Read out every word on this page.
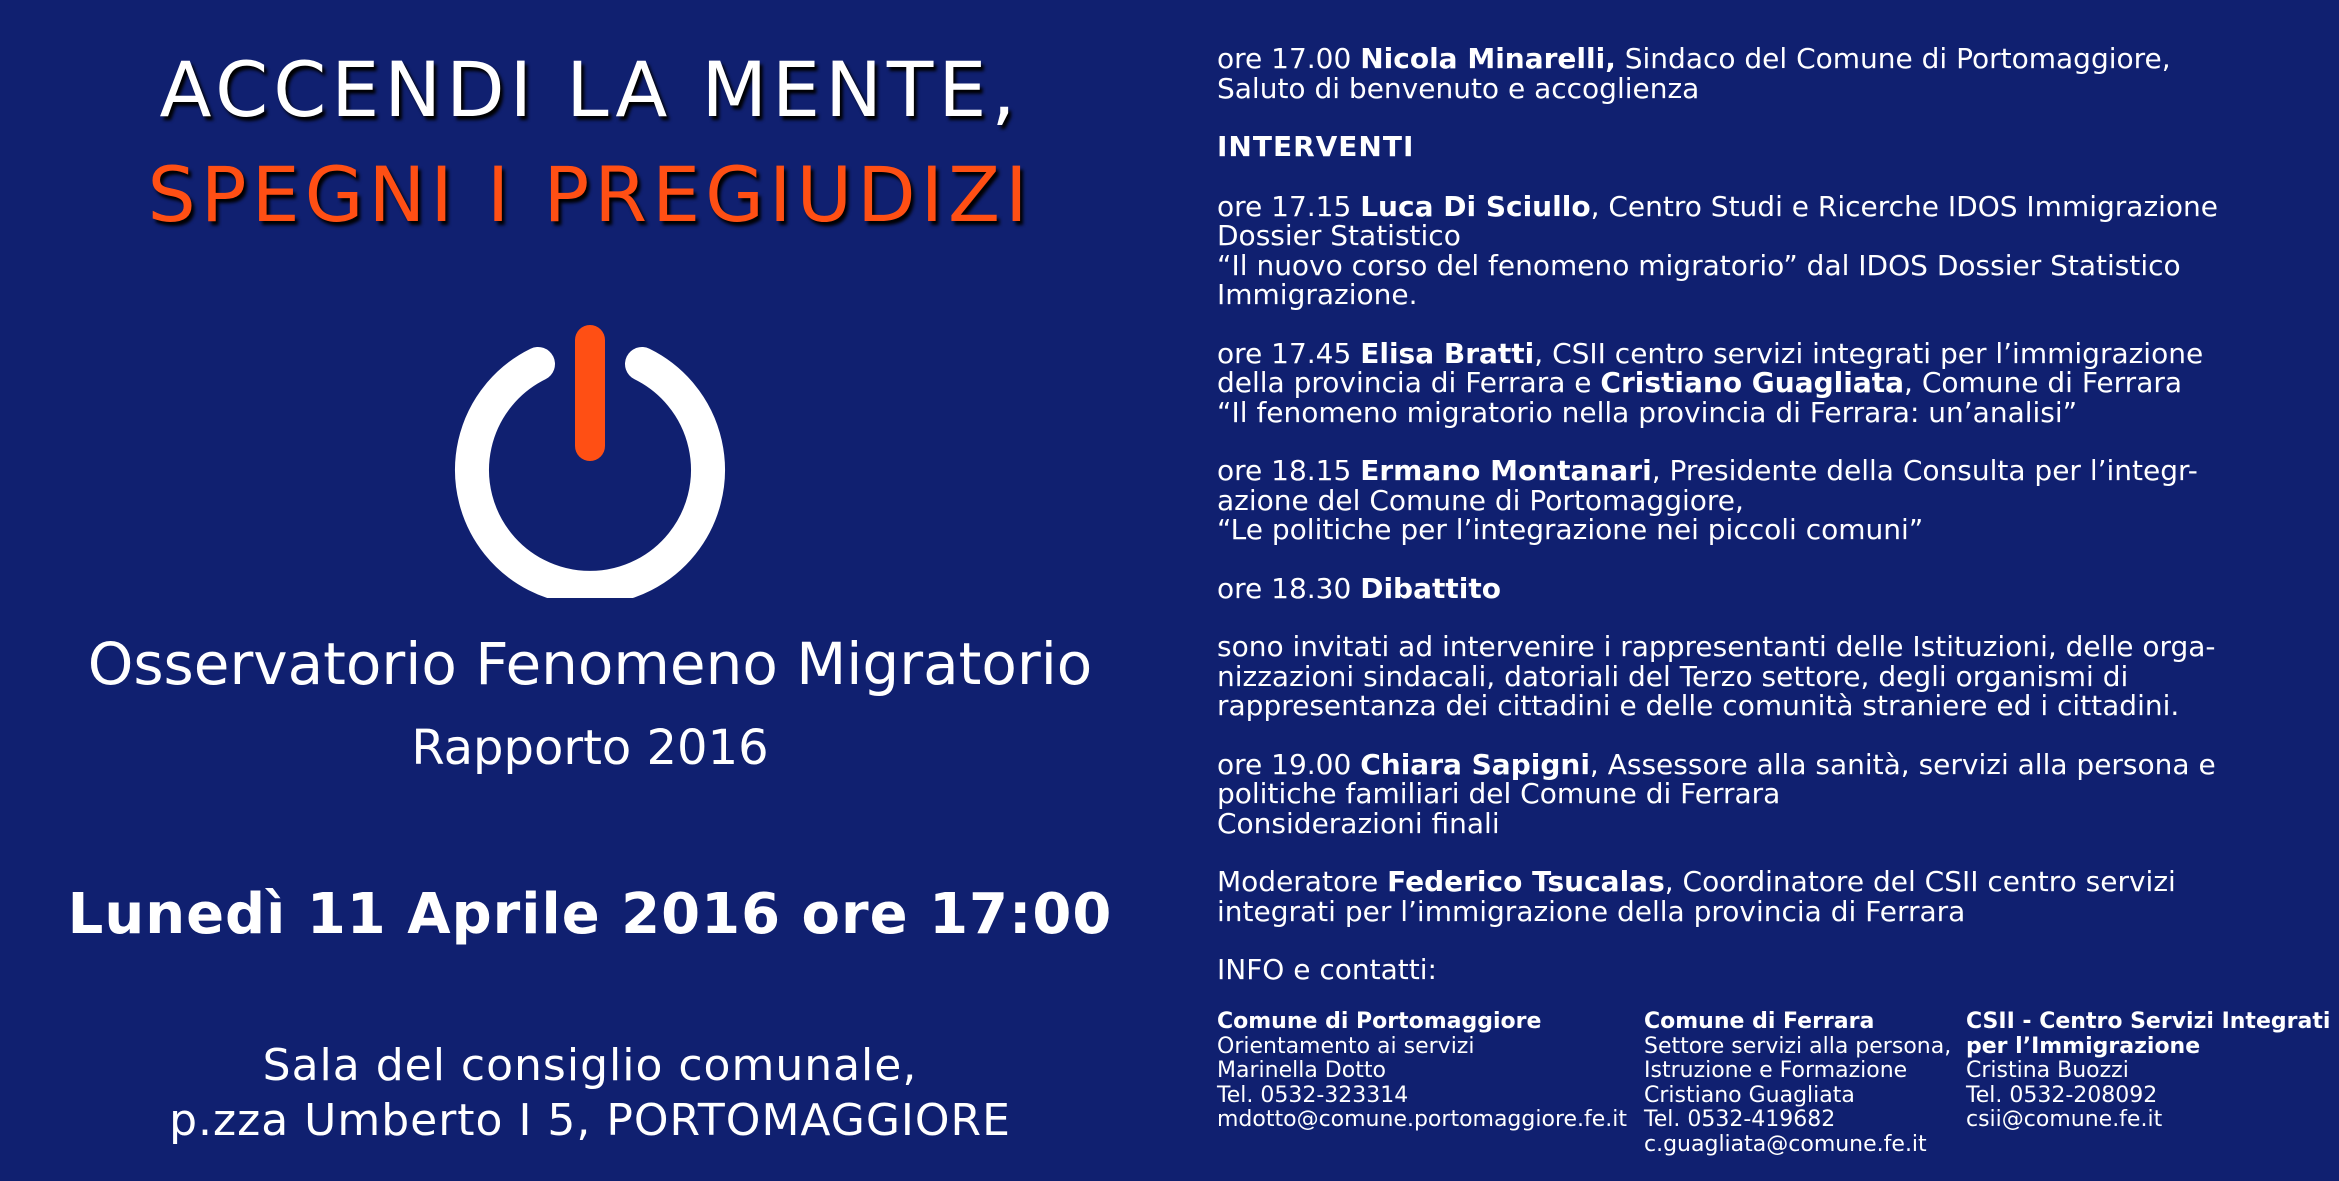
ACCENDI LA MENTE,
SPEGNI I PREGIUDIZI
Osservatorio Fenomeno Migratorio
Rapporto 2016
Lunedì 11 Aprile 2016 ore 17:00
Sala del consiglio comunale,
p.zza Umberto I 5, PORTOMAGGIORE
ore 17.00 Nicola Minarelli, Sindaco del Comune di Portomaggiore,
Saluto di benvenuto e accoglienza
INTERVENTI
ore 17.15 Luca Di Sciullo, Centro Studi e Ricerche IDOS Immigrazione
Dossier Statistico
“Il nuovo corso del fenomeno migratorio” dal IDOS Dossier Statistico
Immigrazione.
ore 17.45 Elisa Bratti, CSII centro servizi integrati per l’immigrazione
della provincia di Ferrara e Cristiano Guagliata, Comune di Ferrara
“Il fenomeno migratorio nella provincia di Ferrara: un’analisi”
ore 18.15 Ermano Montanari, Presidente della Consulta per l’integr-
azione del Comune di Portomaggiore,
“Le politiche per l’integrazione nei piccoli comuni”
ore 18.30 Dibattito
sono invitati ad intervenire i rappresentanti delle Istituzioni, delle orga-
nizzazioni sindacali, datoriali del Terzo settore, degli organismi di
rappresentanza dei cittadini e delle comunità straniere ed i cittadini.
ore 19.00 Chiara Sapigni, Assessore alla sanità, servizi alla persona e
politiche familiari del Comune di Ferrara
Considerazioni finali
Moderatore Federico Tsucalas, Coordinatore del CSII centro servizi
integrati per l’immigrazione della provincia di Ferrara
INFO e contatti:
Comune di Portomaggiore
Orientamento ai servizi
Marinella Dotto
Tel. 0532-323314
mdotto@comune.portomaggiore.fe.it
Comune di Ferrara
Settore servizi alla persona,
Istruzione e Formazione
Cristiano Guagliata
Tel. 0532-419682
c.guagliata@comune.fe.it
CSII - Centro Servizi Integrati
per l’Immigrazione
Cristina Buozzi
Tel. 0532-208092
csii@comune.fe.it
